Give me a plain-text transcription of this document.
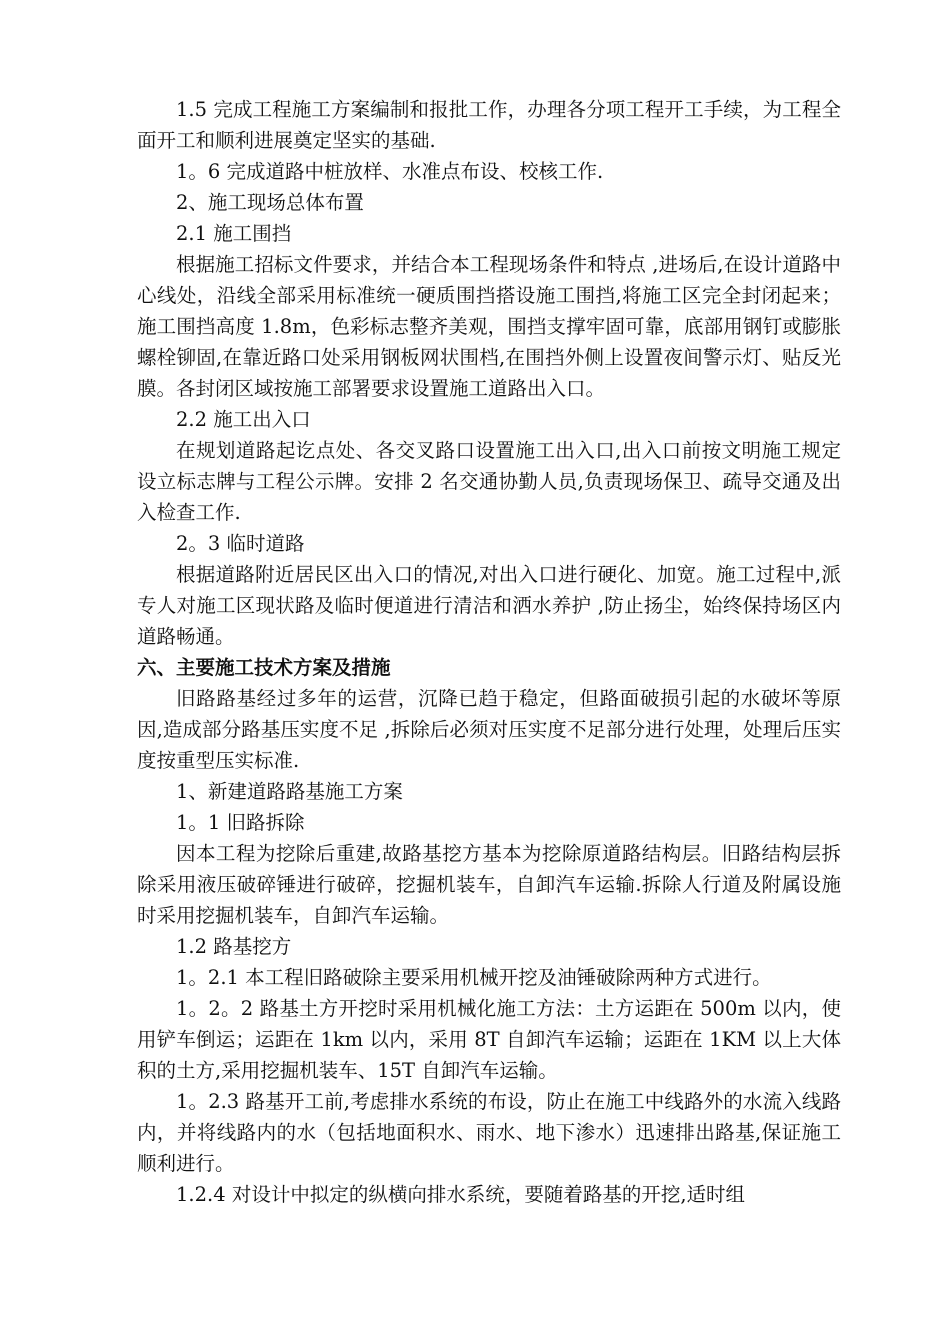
1.5 完成工程施工方案编制和报批工作，办理各分项工程开工手续，为工程全面开工和顺利进展奠定坚实的基础.

1。6 完成道路中桩放样、水准点布设、校核工作.

2、施工现场总体布置

2.1 施工围挡

根据施工招标文件要求，并结合本工程现场条件和特点 ,进场后,在设计道路中心线处，沿线全部采用标准统一硬质围挡搭设施工围挡,将施工区完全封闭起来；施工围挡高度 1.8m，色彩标志整齐美观，围挡支撑牢固可靠，底部用钢钉或膨胀螺栓铆固,在靠近路口处采用钢板网状围档,在围挡外侧上设置夜间警示灯、贴反光膜。各封闭区域按施工部署要求设置施工道路出入口。

2.2 施工出入口

在规划道路起讫点处、各交叉路口设置施工出入口,出入口前按文明施工规定设立标志牌与工程公示牌。安排 2 名交通协勤人员,负责现场保卫、疏导交通及出入检查工作.

2。3 临时道路

根据道路附近居民区出入口的情况,对出入口进行硬化、加宽。施工过程中,派专人对施工区现状路及临时便道进行清洁和洒水养护 ,防止扬尘，始终保持场区内道路畅通。

六、主要施工技术方案及措施

旧路路基经过多年的运营，沉降已趋于稳定，但路面破损引起的水破坏等原因,造成部分路基压实度不足 ,拆除后必须对压实度不足部分进行处理，处理后压实度按重型压实标准.

1、新建道路路基施工方案

1。1 旧路拆除

因本工程为挖除后重建,故路基挖方基本为挖除原道路结构层。旧路结构层拆除采用液压破碎锤进行破碎，挖掘机装车，自卸汽车运输.拆除人行道及附属设施时采用挖掘机装车，自卸汽车运输。

1.2 路基挖方

1。2.1 本工程旧路破除主要采用机械开挖及油锤破除两种方式进行。

1。2。2 路基土方开挖时采用机械化施工方法：土方运距在 500m 以内，使用铲车倒运；运距在 1km 以内，采用 8T 自卸汽车运输；运距在 1KM 以上大体积的土方,采用挖掘机装车、15T 自卸汽车运输。

1。2.3 路基开工前,考虑排水系统的布设，防止在施工中线路外的水流入线路内，并将线路内的水（包括地面积水、雨水、地下渗水）迅速排出路基,保证施工顺利进行。

1.2.4 对设计中拟定的纵横向排水系统，要随着路基的开挖,适时组
